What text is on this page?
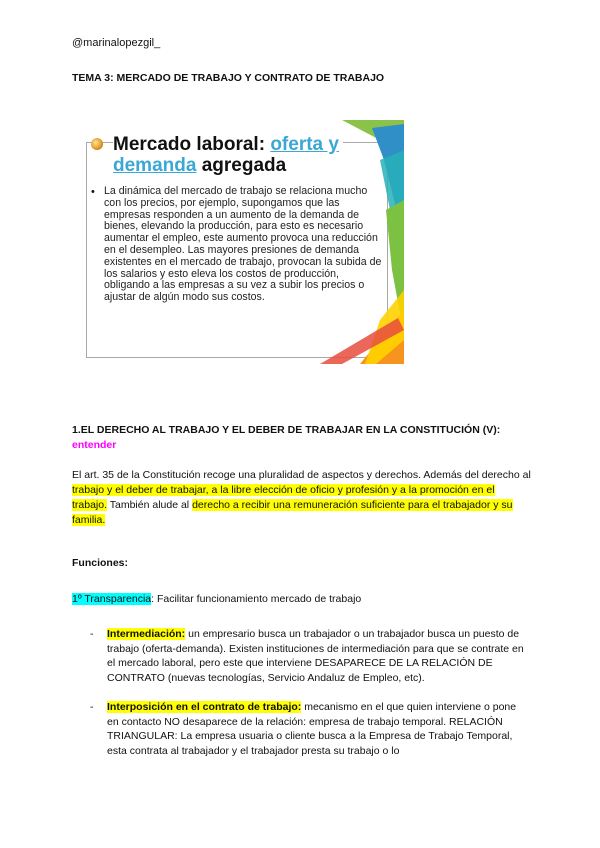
@marinalopezgil_
TEMA 3: MERCADO DE TRABAJO Y CONTRATO DE TRABAJO
Mercado laboral: oferta y
demanda agregada
• La dinámica del mercado de trabajo se relaciona mucho con los precios, por ejemplo, supongamos que las empresas responden a un aumento de la demanda de bienes, elevando la producción, para esto es necesario aumentar el empleo, este aumento provoca una reducción en el desempleo. Las mayores presiones de demanda existentes en el mercado de trabajo, provocan la subida de los salarios y esto eleva los costos de producción, obligando a las empresas a su vez a subir los precios o ajustar de algún modo sus costos.
1.EL DERECHO AL TRABAJO Y EL DEBER DE TRABAJAR EN LA CONSTITUCIÓN (V): entender
El art. 35 de la Constitución recoge una pluralidad de aspectos y derechos. Además del derecho al trabajo y el deber de trabajar, a la libre elección de oficio y profesión y a la promoción en el trabajo. También alude al derecho a recibir una remuneración suficiente para el trabajador y su familia.
Funciones:
1º Transparencia: Facilitar funcionamiento mercado de trabajo
- Intermediación: un empresario busca un trabajador o un trabajador busca un puesto de trabajo (oferta-demanda). Existen instituciones de intermediación para que se contrate en el mercado laboral, pero este que interviene DESAPARECE DE LA RELACIÓN DE CONTRATO (nuevas tecnologías, Servicio Andaluz de Empleo, etc).
- Interposición en el contrato de trabajo: mecanismo en el que quien interviene o pone en contacto NO desaparece de la relación: empresa de trabajo temporal. RELACIÓN TRIANGULAR: La empresa usuaria o cliente busca a la Empresa de Trabajo Temporal, esta contrata al trabajador y el trabajador presta su trabajo o lo
